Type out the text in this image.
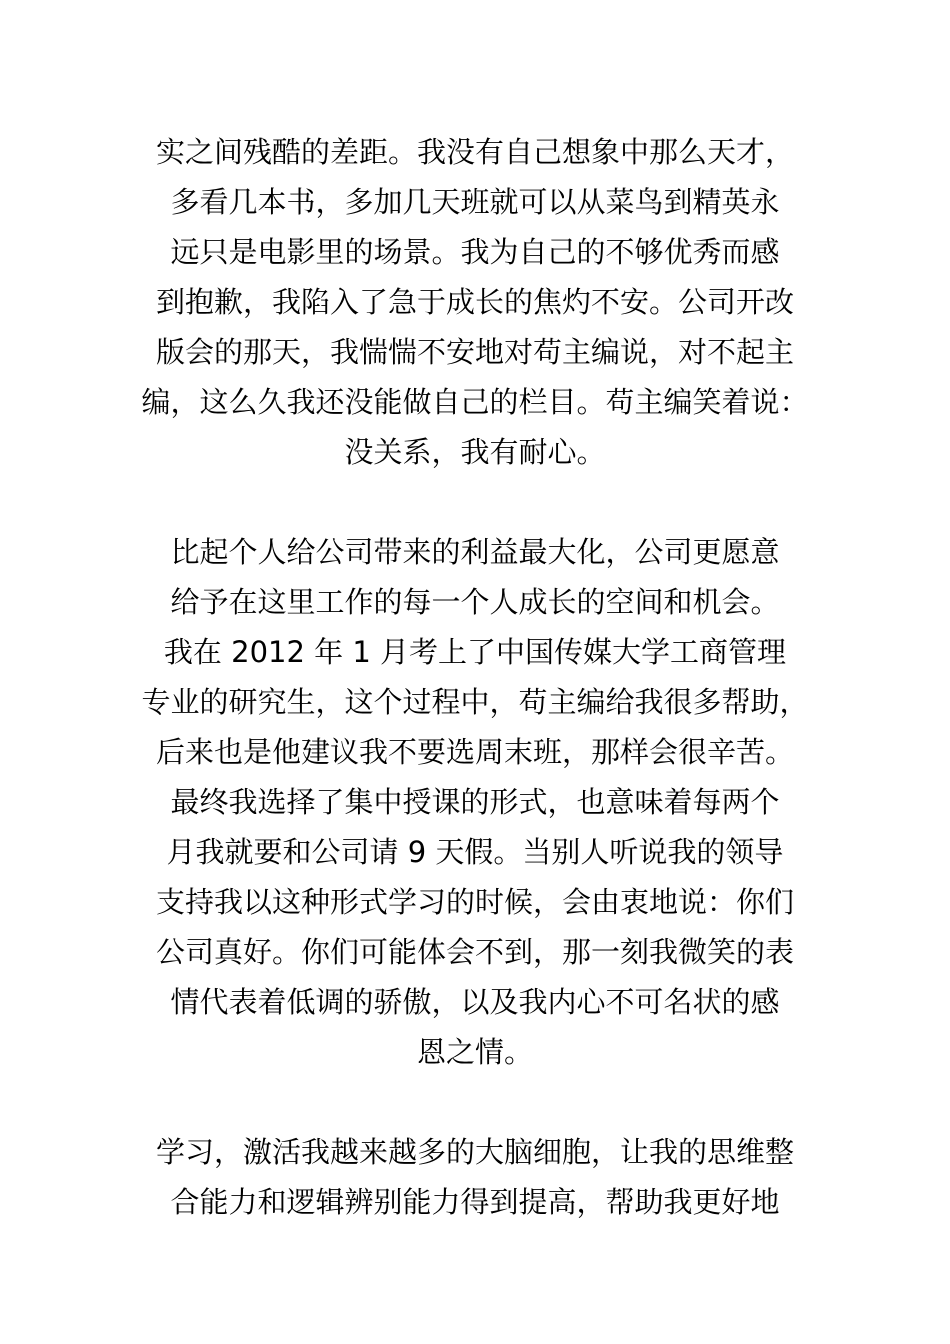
实之间残酷的差距。我没有自己想象中那么天才，
多看几本书，多加几天班就可以从菜鸟到精英永
远只是电影里的场景。我为自己的不够优秀而感
到抱歉，我陷入了急于成长的焦灼不安。公司开改
版会的那天，我惴惴不安地对苟主编说，对不起主
编，这么久我还没能做自己的栏目。苟主编笑着说：
没关系，我有耐心。
比起个人给公司带来的利益最大化，公司更愿意
给予在这里工作的每一个人成长的空间和机会。
我在 2012 年 1 月考上了中国传媒大学工商管理
专业的研究生，这个过程中，苟主编给我很多帮助，
后来也是他建议我不要选周末班，那样会很辛苦。
最终我选择了集中授课的形式，也意味着每两个
月我就要和公司请 9 天假。当别人听说我的领导
支持我以这种形式学习的时候，会由衷地说：你们
公司真好。你们可能体会不到，那一刻我微笑的表
情代表着低调的骄傲，以及我内心不可名状的感
恩之情。
学习，激活我越来越多的大脑细胞，让我的思维整
合能力和逻辑辨别能力得到提高，帮助我更好地
